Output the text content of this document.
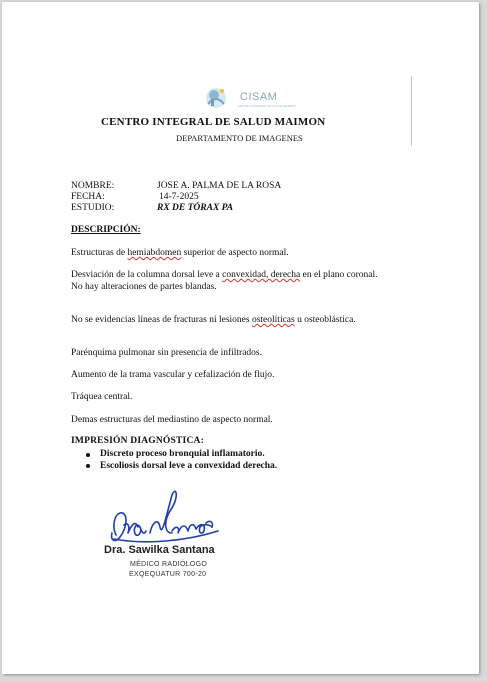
CISAM
CENTRO INTEGRAL DE SALUD MAIMON
CENTRO INTEGRAL DE SALUD MAIMON
DEPARTAMENTO DE IMAGENES
NOMBRE:	JOSE A. PALMA DE LA ROSA
FECHA:	14-7-2025
ESTUDIO:	RX DE TÓRAX PA
DESCRIPCIÓN:
Estructuras de hemiabdomen superior de aspecto normal.
Desviación de la columna dorsal leve a convexidad, derecha en el plano coronal.
No hay alteraciones de partes blandas.
No se evidencias líneas de fracturas ni lesiones osteolíticas u osteoblástica.
Parénquima pulmonar sin presencia de infiltrados.
Aumento de la trama vascular y cefalización de flujo.
Tráquea central.
Demas estructuras del mediastino de aspecto normal.
IMPRESIÓN DIAGNÓSTICA:
Discreto proceso bronquial inflamatorio.
Escoliosis dorsal leve a convexidad derecha.
Dra. Sawilka Santana
MÉDICO RADIÓLOGO
EXQEQUATUR 700-20
